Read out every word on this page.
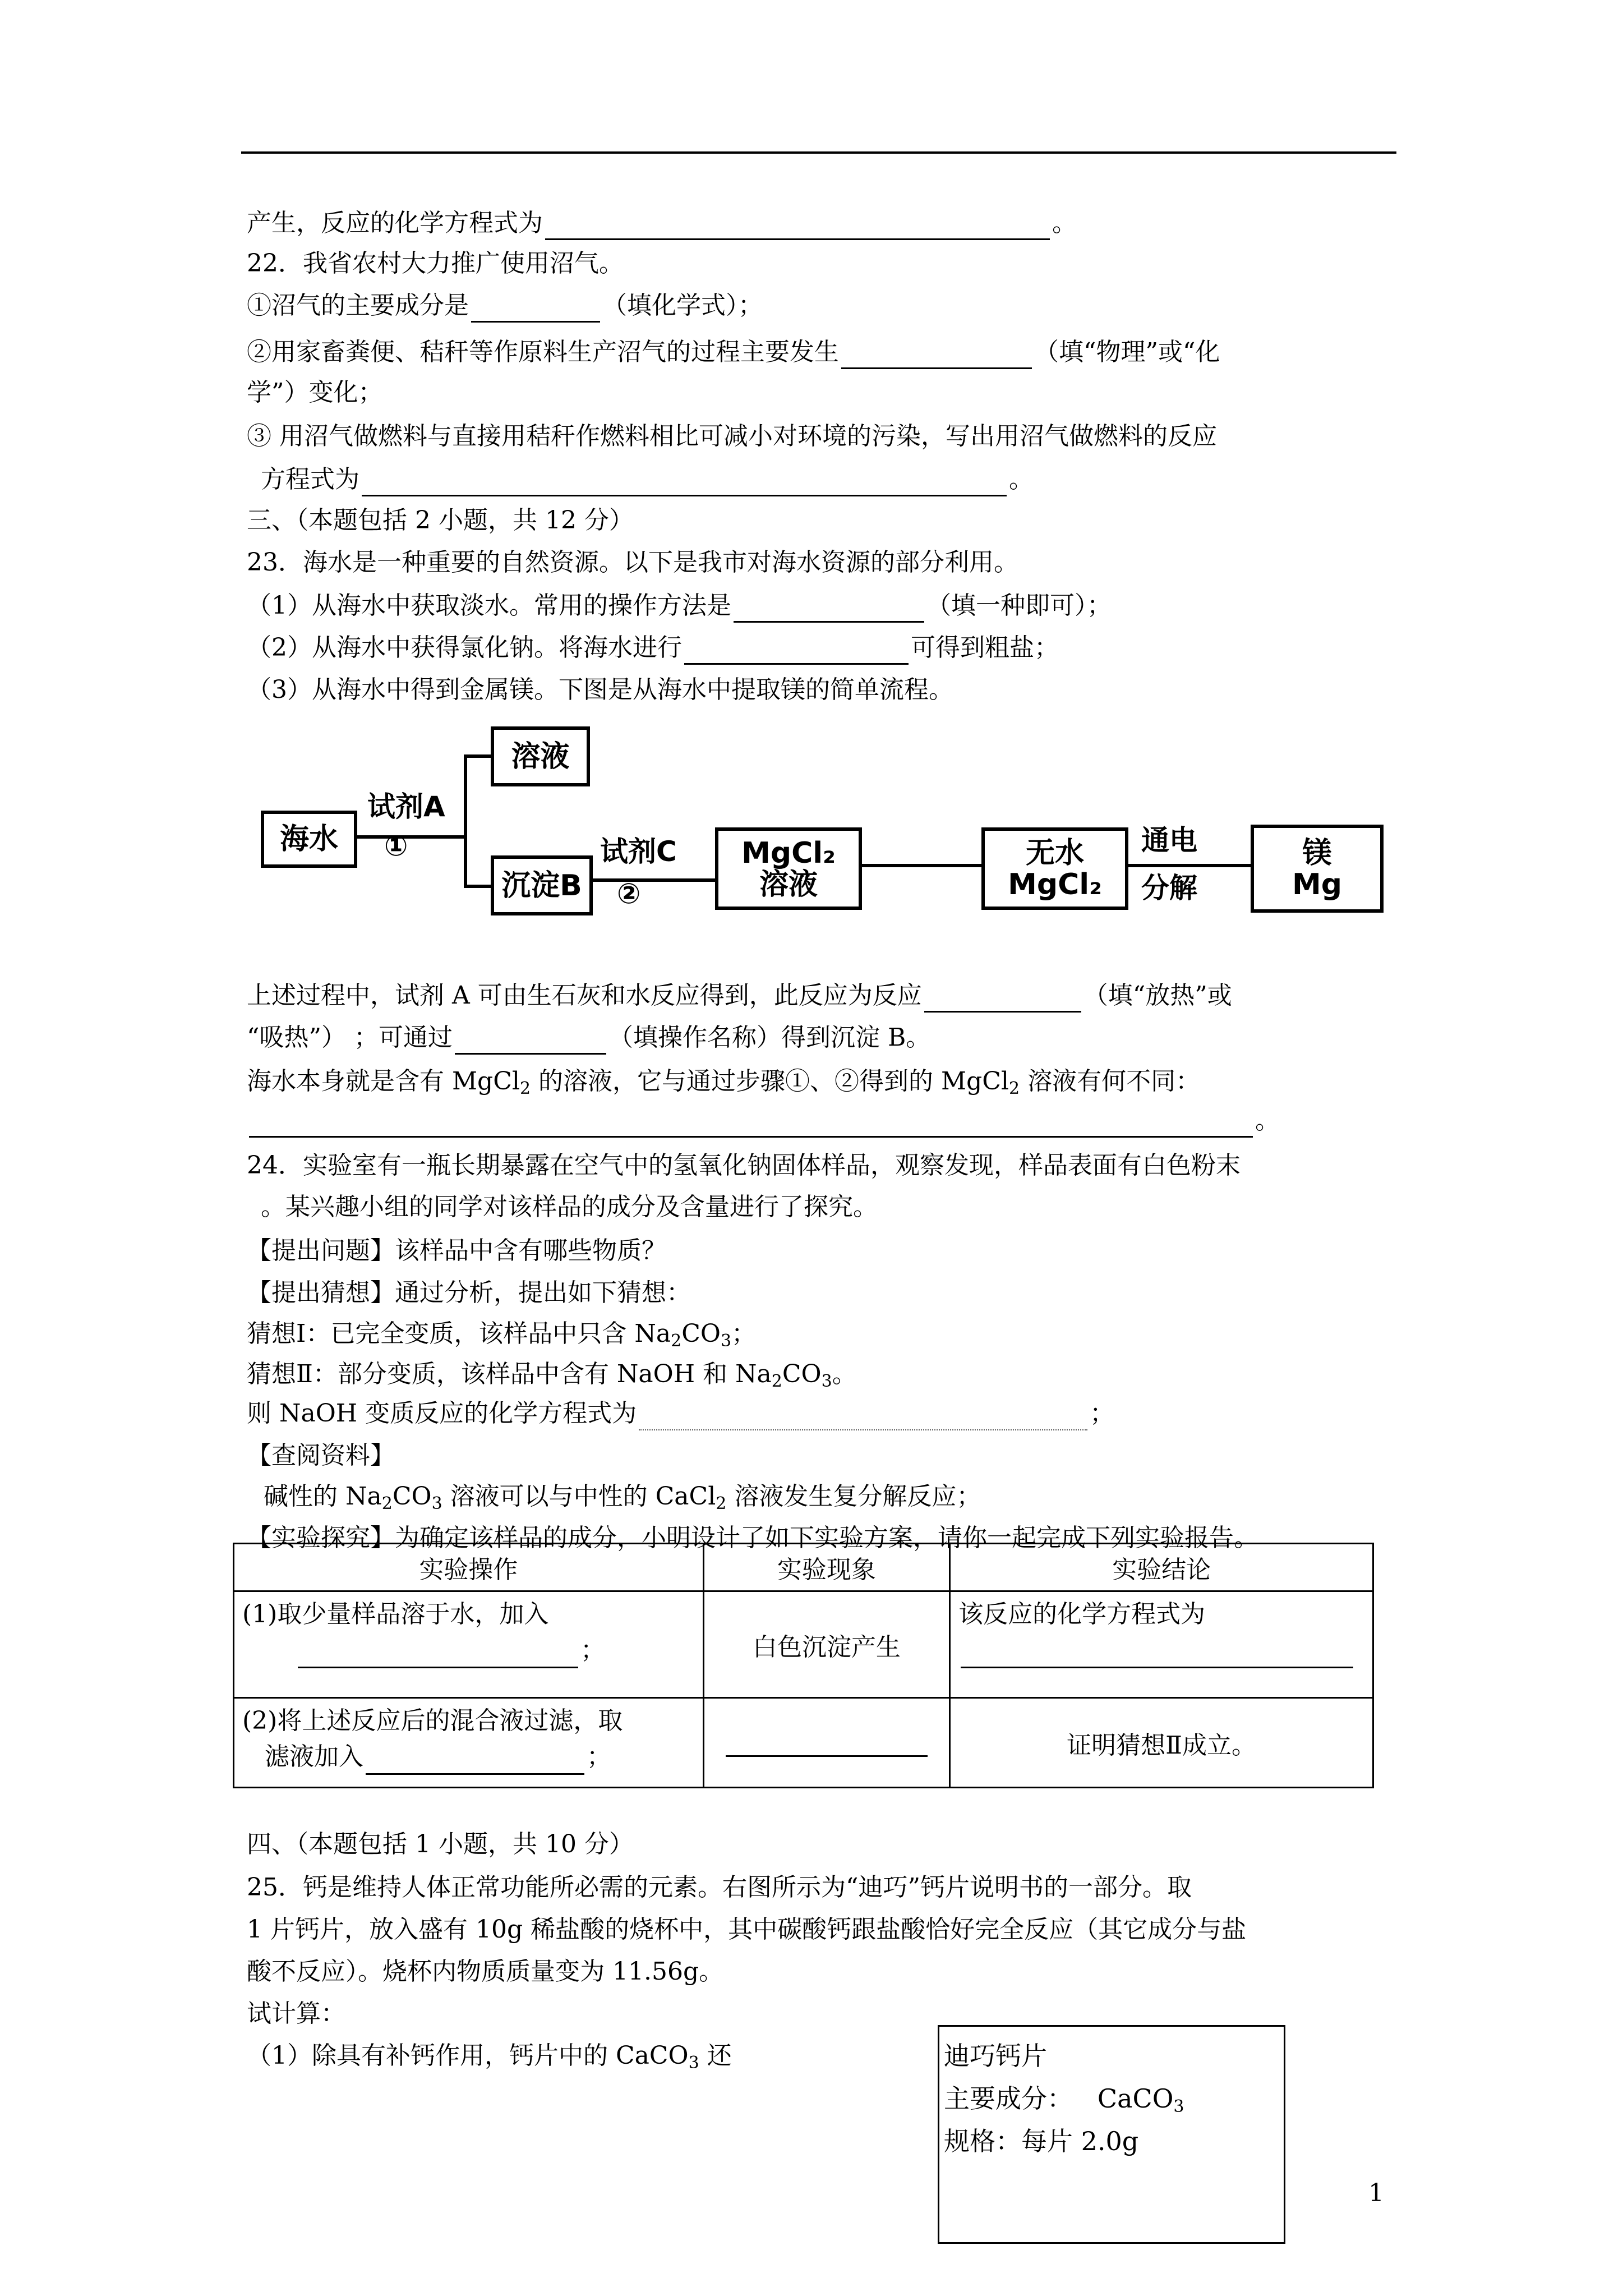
产生，反应的化学方程式为	。
22．我省农村大力推广使用沼气。
①沼气的主要成分是	（填化学式）；
②用家畜粪便、秸秆等作原料生产沼气的过程主要发生	（填“物理”或“化
学”）变化；
③ 用沼气做燃料与直接用秸秆作燃料相比可减小对环境的污染，写出用沼气做燃料的反应
方程式为	。
三、（本题包括 2 小题，共 12 分）
23．海水是一种重要的自然资源。以下是我市对海水资源的部分利用。
（1）从海水中获取淡水。常用的操作方法是	（填一种即可）；
（2）从海水中获得氯化钠。将海水进行	可得到粗盐；
（3）从海水中得到金属镁。下图是从海水中提取镁的简单流程。
海水
试剂A
①
溶液
沉淀B
试剂C
②
MgCl₂
溶液
无水
MgCl₂
通电
分解
镁
Mg
上述过程中，试剂 A 可由生石灰和水反应得到，此反应为反应	（填“放热”或
“吸热”） ；可通过	（填操作名称）得到沉淀 B。
海水本身就是含有 MgCl$_2$ 的溶液，它与通过步骤①、②得到的 MgCl$_2$ 溶液有何不同：
。
24．实验室有一瓶长期暴露在空气中的氢氧化钠固体样品，观察发现，样品表面有白色粉末
。某兴趣小组的同学对该样品的成分及含量进行了探究。
【提出问题】该样品中含有哪些物质？
【提出猜想】通过分析，提出如下猜想：
猜想Ⅰ：已完全变质，该样品中只含 $Na_2CO_3$；
猜想Ⅱ：部分变质，该样品中含有 NaOH 和 $Na_2CO_3$。
则 NaOH 变质反应的化学方程式为	；
【查阅资料】
碱性的 $Na_2CO_3$ 溶液可以与中性的 CaCl$_2$ 溶液发生复分解反应；
【实验探究】为确定该样品的成分，小明设计了如下实验方案，请你一起完成下列实验报告。
实验操作	实验现象	实验结论

(1)取少量样品溶于水，加入
；	白色沉淀产生	该反应的化学方程式为

(2)将上述反应后的混合液过滤，取
滤液加入 ；		证明猜想Ⅱ成立。
四、（本题包括 1 小题，共 10 分）
25．钙是维持人体正常功能所必需的元素。右图所示为“迪巧”钙片说明书的一部分。取
1 片钙片，放入盛有 10g 稀盐酸的烧杯中，其中碳酸钙跟盐酸恰好完全反应（其它成分与盐
酸不反应）。烧杯内物质质量变为 11.56g。
试计算：
（1）除具有补钙作用，钙片中的 CaCO$_3$ 还	迪巧钙片
主要成分： CaCO$_3$
规格：每片 2.0g
1
